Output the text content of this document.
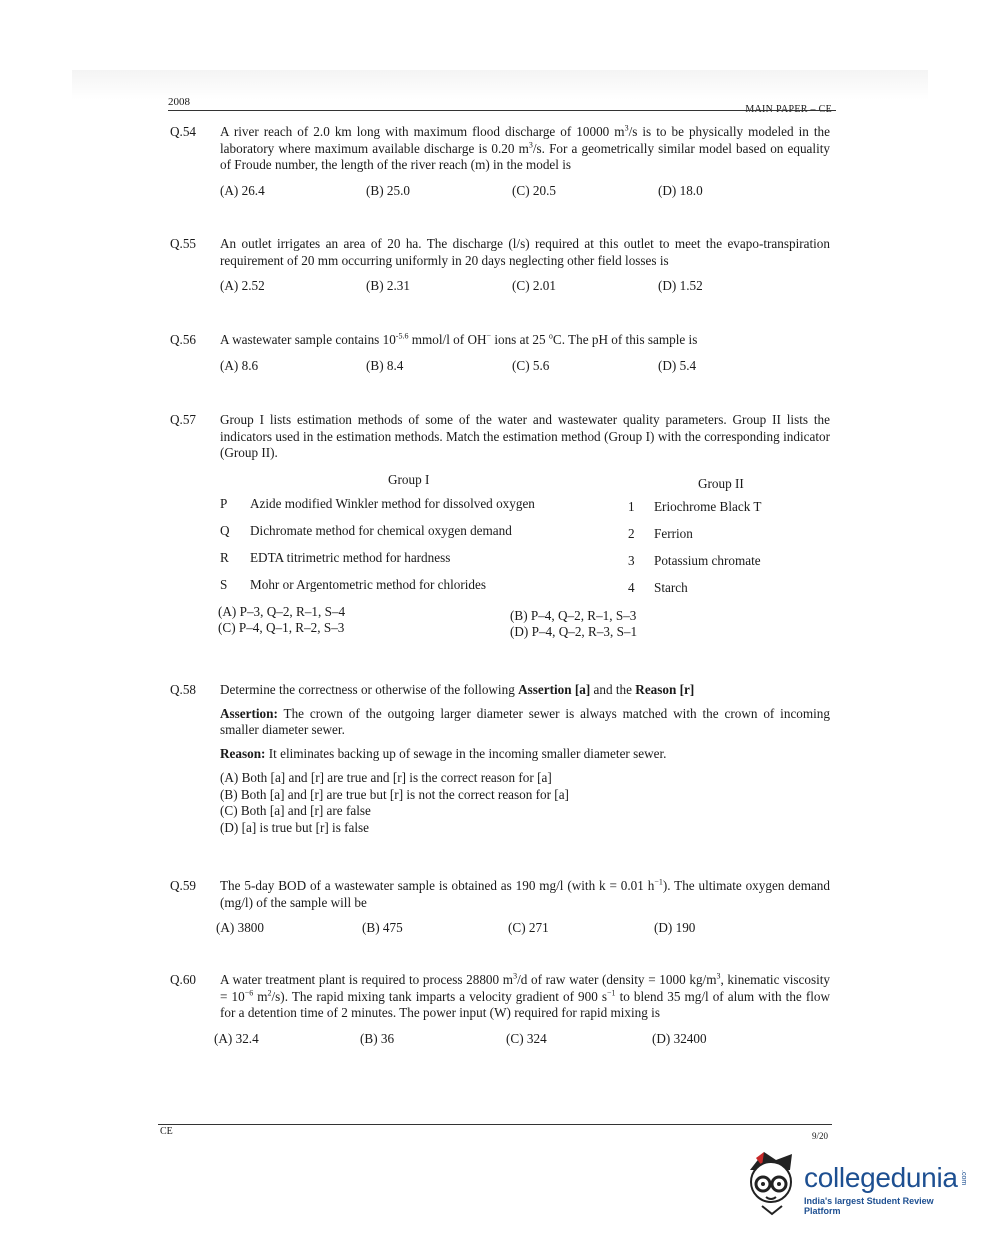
2008
Q.54	A river reach of 2.0 km long with maximum flood discharge of 10000 $m^3/s$ is to be physically modeled in the laboratory where maximum available discharge is 0.20 $m^3/s$. For a geometrically similar model based on equality of Froude number, the length of the river reach (m) in the model is
(A) 26.4	(B) 25.0	(C) 20.5	(D) 18.0
Q.55	An outlet irrigates an area of 20 ha. The discharge (l/s) required at this outlet to meet the evapo-transpiration requirement of 20 mm occurring uniformly in 20 days neglecting other field losses is
(A) 2.52	(B) 2.31	(C) 2.01	(D) 1.52
Q.56	A wastewater sample contains $10^{-5.6}$ mmol/l of OH− ions at 25 $^o$C. The pH of this sample is
(A) 8.6	(B) 8.4	(C) 5.6	(D) 5.4
Q.57	Group I lists estimation methods of some of the water and wastewater quality parameters. Group II lists the indicators used in the estimation methods. Match the estimation method (Group I) with the corresponding indicator (Group II).
Group I	Group II
P Azide modified Winkler method for dissolved oxygen	1 Eriochrome Black T
Q Dichromate method for chemical oxygen demand	2 Ferrion
R EDTA titrimetric method for hardness	3 Potassium chromate
S Mohr or Argentometric method for chlorides	4 Starch
(A) P–3, Q–2, R–1, S–4	(B) P–4, Q–2, R–1, S–3
(C) P–4, Q–1, R–2, S–3	(D) P–4, Q–2, R–3, S–1
Q.58	Determine the correctness or otherwise of the following Assertion [a] and the Reason [r]
Assertion: The crown of the outgoing larger diameter sewer is always matched with the crown of incoming smaller diameter sewer.
Reason: It eliminates backing up of sewage in the incoming smaller diameter sewer.
(A) Both [a] and [r] are true and [r] is the correct reason for [a]
(B) Both [a] and [r] are true but [r] is not the correct reason for [a]
(C) Both [a] and [r] are false
(D) [a] is true but [r] is false
Q.59	The 5-day BOD of a wastewater sample is obtained as 190 mg/l (with k = 0.01 $h^{-1}$). The ultimate oxygen demand (mg/l) of the sample will be
(A) 3800	(B) 475	(C) 271	(D) 190
Q.60	A water treatment plant is required to process 28800 $m^3/d$ of raw water (density = 1000 $kg/m^3$, kinematic viscosity = $10^{-6}$ $m^2/s$). The rapid mixing tank imparts a velocity gradient of 900 $s^{-1}$ to blend 35 mg/l of alum with the flow for a detention time of 2 minutes. The power input (W) required for rapid mixing is
(A) 32.4	(B) 36	(C) 324	(D) 32400
CE	9/20
collegedunia .com
India's largest Student Review Platform
